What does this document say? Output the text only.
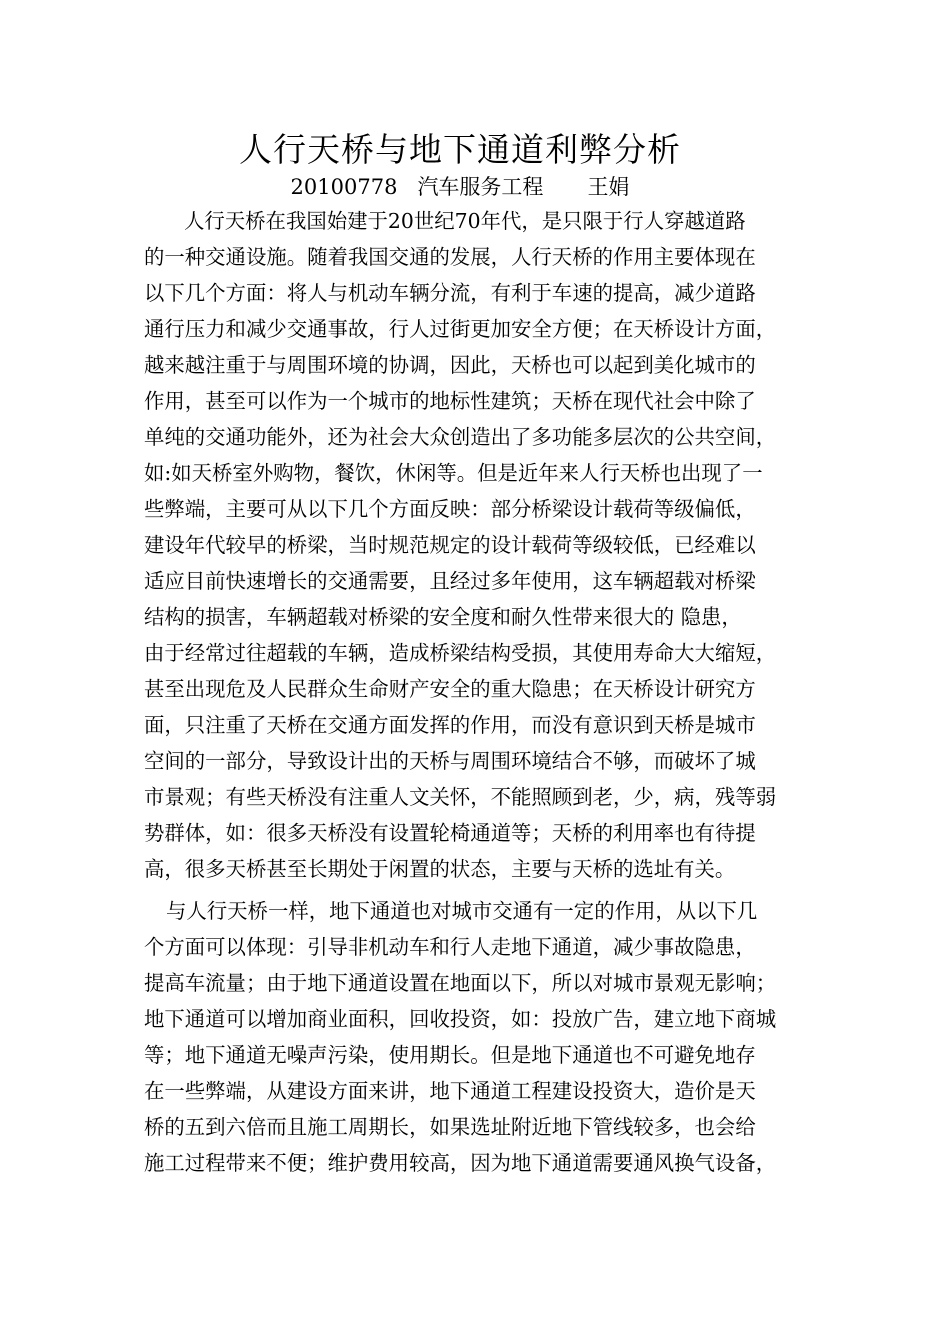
人行天桥与地下通道利弊分析
20100778 汽车服务工程 王娟
人行天桥在我国始建于20世纪70年代，是只限于行人穿越道路
的一种交通设施。随着我国交通的发展，人行天桥的作用主要体现在
以下几个方面：将人与机动车辆分流，有利于车速的提高，减少道路
通行压力和减少交通事故，行人过街更加安全方便；在天桥设计方面，
越来越注重于与周围环境的协调，因此，天桥也可以起到美化城市的
作用，甚至可以作为一个城市的地标性建筑；天桥在现代社会中除了
单纯的交通功能外，还为社会大众创造出了多功能多层次的公共空间，
如:如天桥室外购物，餐饮，休闲等。但是近年来人行天桥也出现了一
些弊端，主要可从以下几个方面反映：部分桥梁设计载荷等级偏低，
建设年代较早的桥梁，当时规范规定的设计载荷等级较低，已经难以
适应目前快速增长的交通需要，且经过多年使用，这车辆超载对桥梁
结构的损害，车辆超载对桥梁的安全度和耐久性带来很大的 隐患，
由于经常过往超载的车辆，造成桥梁结构受损，其使用寿命大大缩短，
甚至出现危及人民群众生命财产安全的重大隐患；在天桥设计研究方
面，只注重了天桥在交通方面发挥的作用，而没有意识到天桥是城市
空间的一部分，导致设计出的天桥与周围环境结合不够，而破坏了城
市景观；有些天桥没有注重人文关怀，不能照顾到老，少，病，残等弱
势群体，如：很多天桥没有设置轮椅通道等；天桥的利用率也有待提
高，很多天桥甚至长期处于闲置的状态，主要与天桥的选址有关。
与人行天桥一样，地下通道也对城市交通有一定的作用，从以下几
个方面可以体现：引导非机动车和行人走地下通道，减少事故隐患，
提高车流量；由于地下通道设置在地面以下，所以对城市景观无影响；
地下通道可以增加商业面积，回收投资，如：投放广告，建立地下商城
等；地下通道无噪声污染，使用期长。但是地下通道也不可避免地存
在一些弊端，从建设方面来讲，地下通道工程建设投资大，造价是天
桥的五到六倍而且施工周期长，如果选址附近地下管线较多，也会给
施工过程带来不便；维护费用较高，因为地下通道需要通风换气设备，
